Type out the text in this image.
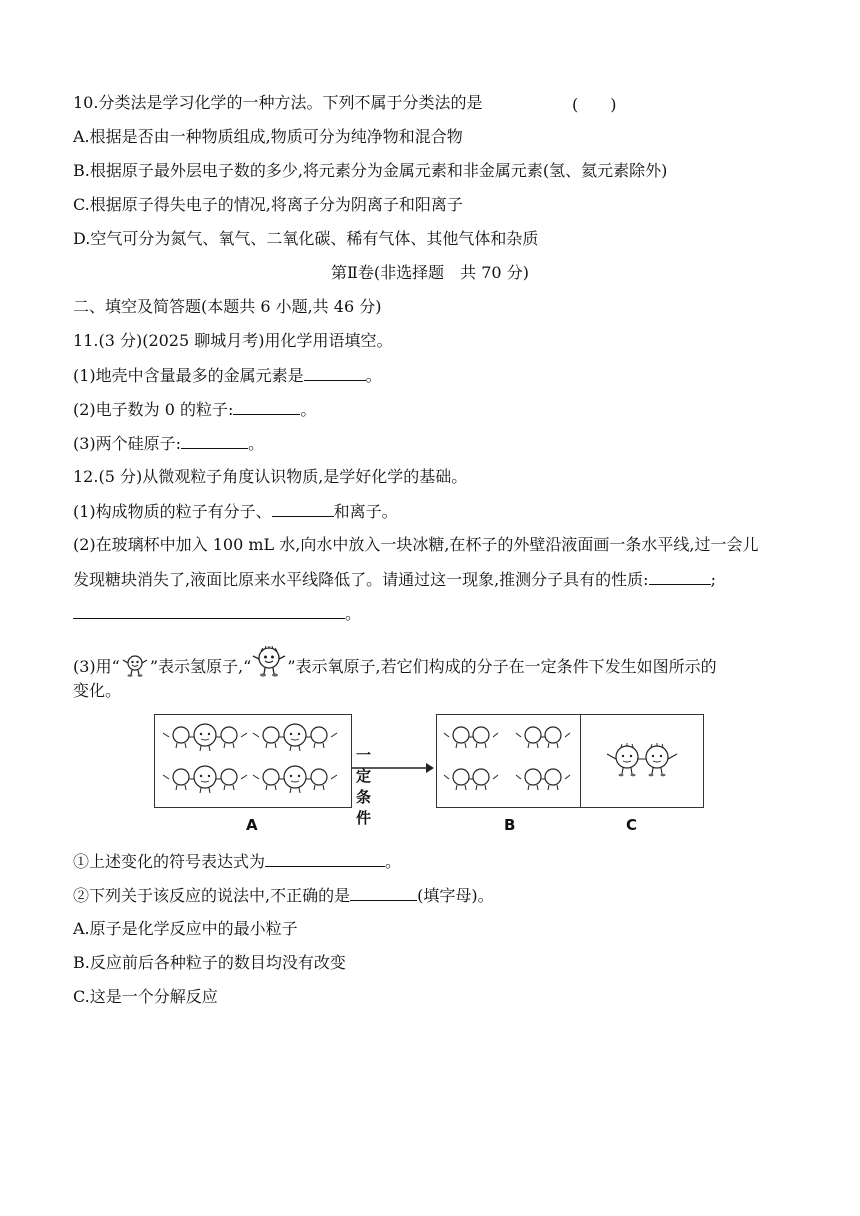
10.分类法是学习化学的一种方法。下列不属于分类法的是	(　　)
A.根据是否由一种物质组成,物质可分为纯净物和混合物
B.根据原子最外层电子数的多少,将元素分为金属元素和非金属元素(氢、氦元素除外)
C.根据原子得失电子的情况,将离子分为阴离子和阳离子
D.空气可分为氮气、氧气、二氧化碳、稀有气体、其他气体和杂质
第Ⅱ卷(非选择题　共 70 分)
二、填空及简答题(本题共 6 小题,共 46 分)
11.(3 分)(2025 聊城月考)用化学用语填空。
(1)地壳中含量最多的金属元素是	。
(2)电子数为 0 的粒子:	。
(3)两个硅原子:	。
12.(5 分)从微观粒子角度认识物质,是学好化学的基础。
(1)构成物质的粒子有分子、	和离子。
(2)在玻璃杯中加入 100 mL 水,向水中放入一块冰糖,在杯子的外壁沿液面画一条水平线,过一会儿
发现糖块消失了,液面比原来水平线降低了。请通过这一现象,推测分子具有的性质:	;
。
(3)用“ ”表示氢原子,“ ”表示氧原子,若它们构成的分子在一定条件下发生如图所示的
变化。
一定条件
A	B	C
①上述变化的符号表达式为	。
②下列关于该反应的说法中,不正确的是	(填字母)。
A.原子是化学反应中的最小粒子
B.反应前后各种粒子的数目均没有改变
C.这是一个分解反应
